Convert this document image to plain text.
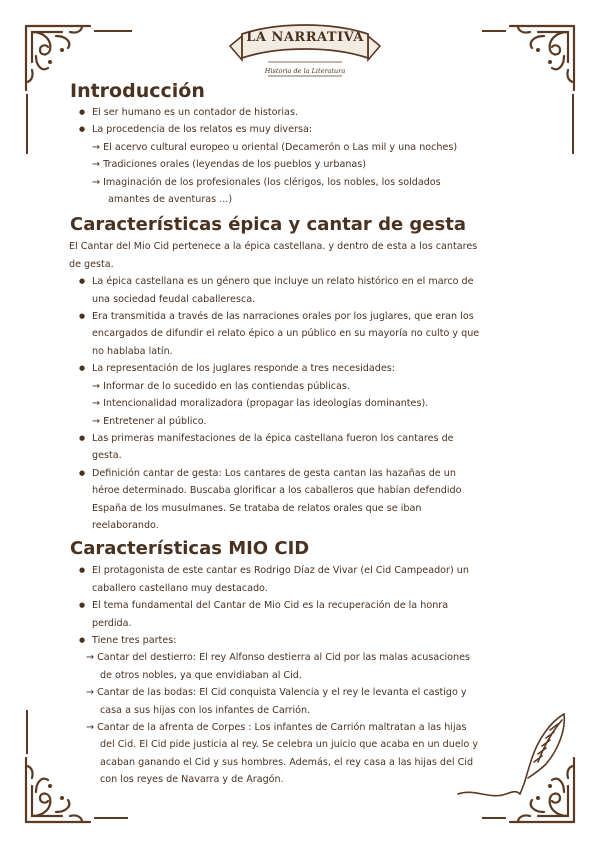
LA NARRATIVA
Historia de la Literatura
Introducción
● El ser humano es un contador de historias.
● La procedencia de los relatos es muy diversa:
→ El acervo cultural europeo u oriental (Decamerón o Las mil y una noches)
→ Tradiciones orales (leyendas de los pueblos y urbanas)
→ Imaginación de los profesionales (los clérigos, los nobles, los soldados
amantes de aventuras ...)
Características épica y cantar de gesta

El Cantar del Mio Cid pertenece a la épica castellana. y dentro de esta a los cantares

de gesta.

● La épica castellana es un género que incluye un relato histórico en el marco de
una sociedad feudal caballeresca.
● Era transmitida a través de las narraciones orales por los juglares, que eran los
encargados de difundir el relato épico a un público en su mayoría no culto y que
no hablaba latín.
● La representación de los juglares responde a tres necesidades:
→ Informar de lo sucedido en las contiendas públicas.
→ Intencionalidad moralizadora (propagar las ideologías dominantes).
→ Entretener al público.
● Las primeras manifestaciones de la épica castellana fueron los cantares de
gesta.
● Definición cantar de gesta: Los cantares de gesta cantan las hazañas de un
héroe determinado. Buscaba glorificar a los caballeros que habían defendido
España de los musulmanes. Se trataba de relatos orales que se iban
reelaborando.
Características MIO CID
● El protagonista de este cantar es Rodrigo Díaz de Vivar (el Cid Campeador) un
caballero castellano muy destacado.
● El tema fundamental del Cantar de Mio Cid es la recuperación de la honra
perdida.
● Tiene tres partes:

→ Cantar del destierro: El rey Alfonso destierra al Cid por las malas acusaciones

de otros nobles, ya que envidiaban al Cid.

→ Cantar de las bodas: El Cid conquista Valencia y el rey le levanta el castigo y

casa a sus hijas con los infantes de Carrión.

→ Cantar de la afrenta de Corpes : Los infantes de Carrión maltratan a las hijas

del Cid. El Cid pide justicia al rey. Se celebra un juicio que acaba en un duelo y

acaban ganando el Cid y sus hombres. Además, el rey casa a las hijas del Cid

con los reyes de Navarra y de Aragón.
